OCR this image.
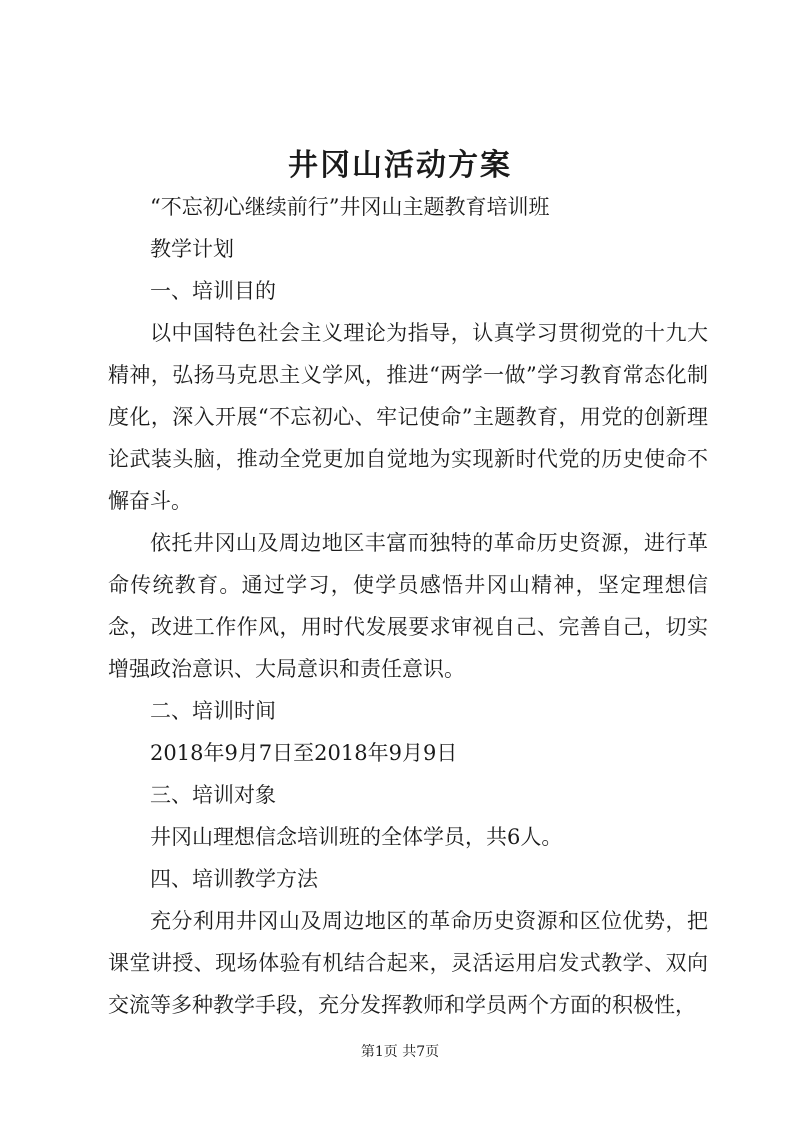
井冈山活动方案

“不忘初心继续前行”井冈山主题教育培训班

教学计划

一、培训目的

以中国特色社会主义理论为指导，认真学习贯彻党的十九大精神，弘扬马克思主义学风，推进“两学一做”学习教育常态化制度化，深入开展“不忘初心、牢记使命”主题教育，用党的创新理论武装头脑，推动全党更加自觉地为实现新时代党的历史使命不懈奋斗。

依托井冈山及周边地区丰富而独特的革命历史资源，进行革命传统教育。通过学习，使学员感悟井冈山精神，坚定理想信念，改进工作作风，用时代发展要求审视自己、完善自己，切实增强政治意识、大局意识和责任意识。

二、培训时间

2018年9月7日至2018年9月9日

三、培训对象

井冈山理想信念培训班的全体学员，共6人。

四、培训教学方法

充分利用井冈山及周边地区的革命历史资源和区位优势，把课堂讲授、现场体验有机结合起来，灵活运用启发式教学、双向交流等多种教学手段，充分发挥教师和学员两个方面的积极性，

第1页 共7页
